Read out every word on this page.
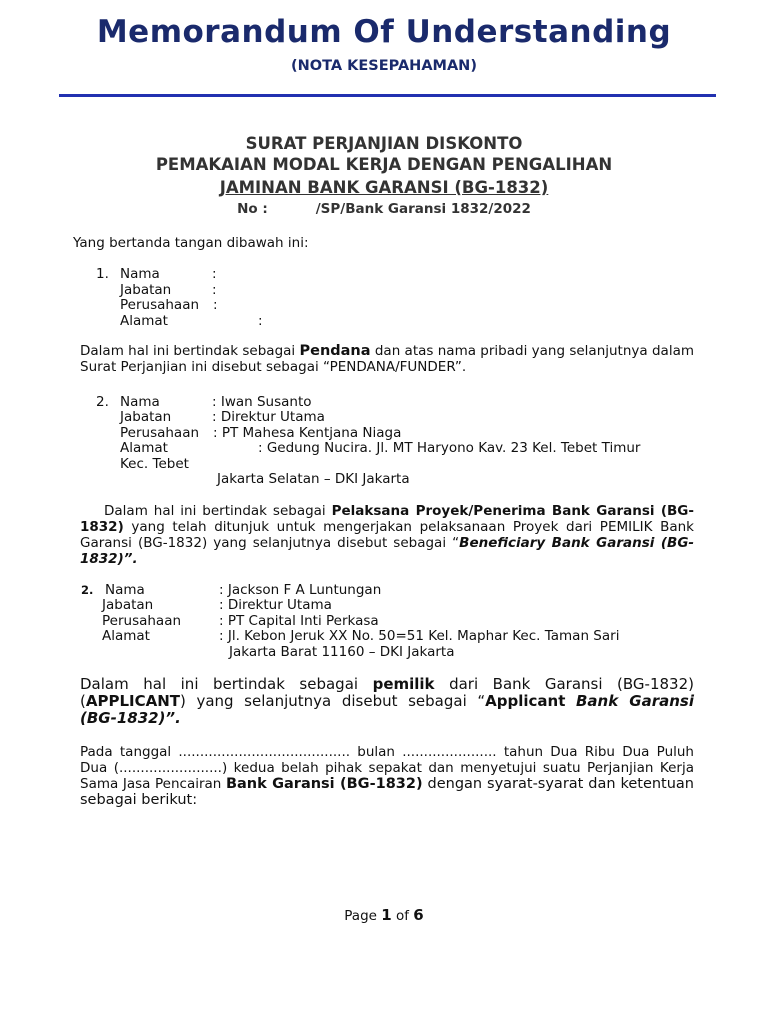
Memorandum Of Understanding
(NOTA KESEPAHAMAN)
SURAT PERJANJIAN DISKONTO
PEMAKAIAN MODAL KERJA DENGAN PENGALIHAN
JAMINAN BANK GARANSI (BG-1832)
No :	/SP/Bank Garansi 1832/2022
Yang bertanda tangan dibawah ini:
1. Nama	:
Jabatan	:
Perusahaan :
Alamat	:
Dalam hal ini bertindak sebagai Pendana dan atas nama pribadi yang selanjutnya dalam Surat Perjanjian ini disebut sebagai “PENDANA/FUNDER”.
2. Nama	: Iwan Susanto
Jabatan	: Direktur Utama
Perusahaan : PT Mahesa Kentjana Niaga
Alamat	: Gedung Nucira. Jl. MT Haryono Kav. 23 Kel. Tebet Timur
Kec. Tebet
Jakarta Selatan – DKI Jakarta
Dalam hal ini bertindak sebagai Pelaksana Proyek/Penerima Bank Garansi (BG-1832) yang telah ditunjuk untuk mengerjakan pelaksanaan Proyek dari PEMILIK Bank Garansi (BG-1832) yang selanjutnya disebut sebagai “Beneficiary Bank Garansi (BG-1832)”.
2. Nama	: Jackson F A Luntungan
Jabatan	: Direktur Utama
Perusahaan	: PT Capital Inti Perkasa
Alamat	: Jl. Kebon Jeruk XX No. 50=51 Kel. Maphar Kec. Taman Sari
Jakarta Barat 11160 – DKI Jakarta
Dalam hal ini bertindak sebagai pemilik dari Bank Garansi (BG-1832) (APPLICANT) yang selanjutnya disebut sebagai “Applicant Bank Garansi (BG-1832)”.
Pada tanggal ........................................ bulan ...................... tahun Dua Ribu Dua Puluh Dua (........................) kedua belah pihak sepakat dan menyetujui suatu Perjanjian Kerja Sama Jasa Pencairan Bank Garansi (BG-1832) dengan syarat-syarat dan ketentuan sebagai berikut:
Page 1 of 6
